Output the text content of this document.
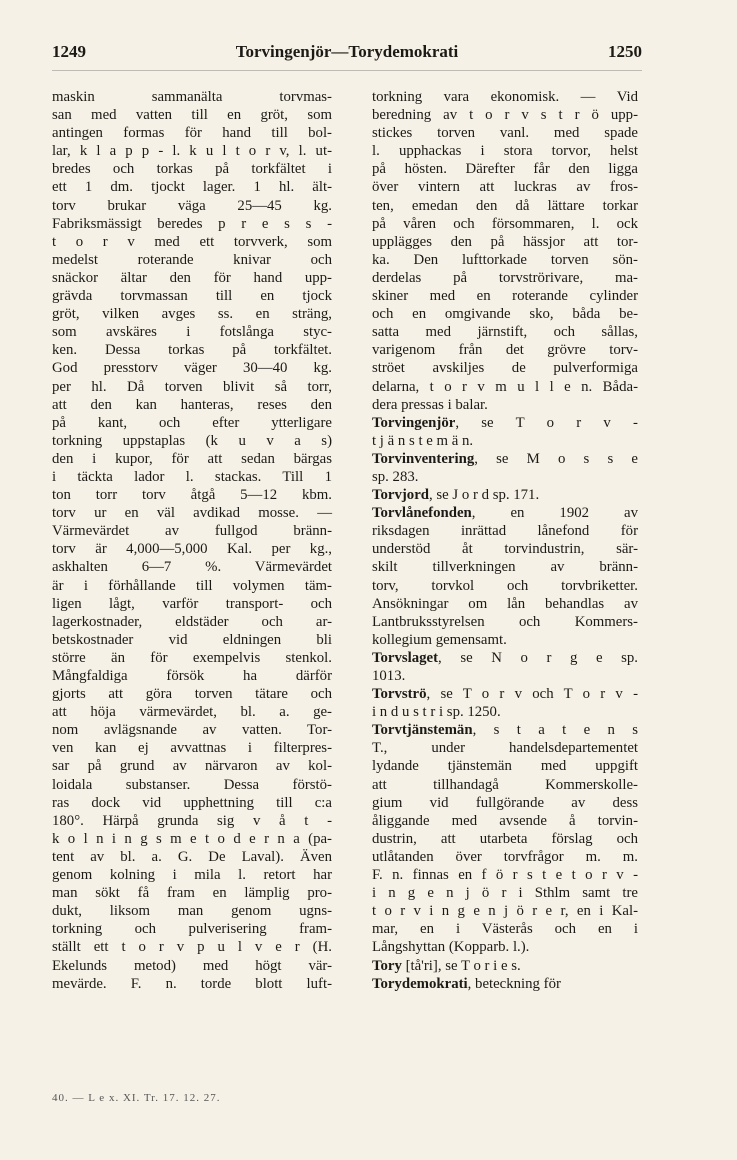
1249	Torvingenjör—Torydemokrati	1250
maskin sammanälta torvmas-
san med vatten till en gröt, som
antingen formas för hand till bol-
lar, k l a p p - l. k u l t o r v, l. ut-
bredes och torkas på torkfältet i
ett 1 dm. tjockt lager. 1 hl. ält-
torv brukar väga 25—45 kg.
Fabriksmässigt beredes p r e s s -
t o r v med ett torvverk, som
medelst roterande knivar och
snäckor ältar den för hand upp-
grävda torvmassan till en tjock
gröt, vilken avges ss. en sträng,
som avskäres i fotslånga styc-
ken. Dessa torkas på torkfältet.
God presstorv väger 30—40 kg.
per hl. Då torven blivit så torr,
att den kan hanteras, reses den
på kant, och efter ytterligare
torkning uppstaplas (k u v a s)
den i kupor, för att sedan bärgas
i täckta lador l. stackas. Till 1
ton torr torv åtgå 5—12 kbm.
torv ur en väl avdikad mosse. —
Värmevärdet av fullgod bränn-
torv är 4,000—5,000 Kal. per kg.,
askhalten 6—7 %. Värmevärdet
är i förhållande till volymen täm-
ligen lågt, varför transport- och
lagerkostnader, eldstäder och ar-
betskostnader vid eldningen bli
större än för exempelvis stenkol.
Mångfaldiga försök ha därför
gjorts att göra torven tätare och
att höja värmevärdet, bl. a. ge-
nom avlägsnande av vatten. Tor-
ven kan ej avvattnas i filterpres-
sar på grund av närvaron av kol-
loidala substanser. Dessa förstö-
ras dock vid upphettning till c:a
180°. Härpå grunda sig v å t -
k o l n i n g s m e t o d e r n a (pa-
tent av bl. a. G. De Laval). Även
genom kolning i mila l. retort har
man sökt få fram en lämplig pro-
dukt, liksom man genom ugns-
torkning och pulverisering fram-
ställt ett t o r v p u l v e r (H.
Ekelunds metod) med högt vär-
mevärde. F. n. torde blott luft-
torkning vara ekonomisk. — Vid
beredning av t o r v s t r ö upp-
stickes torven vanl. med spade
l. upphackas i stora torvor, helst
på hösten. Därefter får den ligga
över vintern att luckras av fros-
ten, emedan den då lättare torkar
på våren och försommaren, l. ock
upplägges den på hässjor att tor-
ka. Den lufttorkade torven sön-
derdelas på torvströrivare, ma-
skiner med en roterande cylinder
och en omgivande sko, båda be-
satta med järnstift, och sållas,
varigenom från det grövre torv-
ströet avskiljes de pulverformiga
delarna, t o r v m u l l e n. Båda-
dera pressas i balar.
Torvingenjör, se T o r v -
t j ä n s t e m ä n.
Torvinventering, se M o s s e
sp. 283.
Torvjord, se J o r d sp. 171.
Torvlånefonden, en 1902 av
riksdagen inrättad lånefond för
understöd åt torvindustrin, sär-
skilt tillverkningen av bränn-
torv, torvkol och torvbriketter.
Ansökningar om lån behandlas av
Lantbruksstyrelsen och Kommers-
kollegium gemensamt.
Torvslaget, se N o r g e sp.
1013.
Torvströ, se T o r v och T o r v -
i n d u s t r i sp. 1250.
Torvtjänstemän, s t a t e n s
T., under handelsdepartementet
lydande tjänstemän med uppgift
att tillhandagå Kommerskolle-
gium vid fullgörande av dess
åliggande med avsende å torvin-
dustrin, att utarbeta förslag och
utlåtanden över torvfrågor m. m.
F. n. finnas en f ö r s t e t o r v -
i n g e n j ö r i Sthlm samt tre
t o r v i n g e n j ö r e r, en i Kal-
mar, en i Västerås och en i
Långshyttan (Kopparb. l.).
Tory [tå'ri], se T o r i e s.
Torydemokrati, beteckning för
40. — L e x. XI. Tr. 17. 12. 27.
